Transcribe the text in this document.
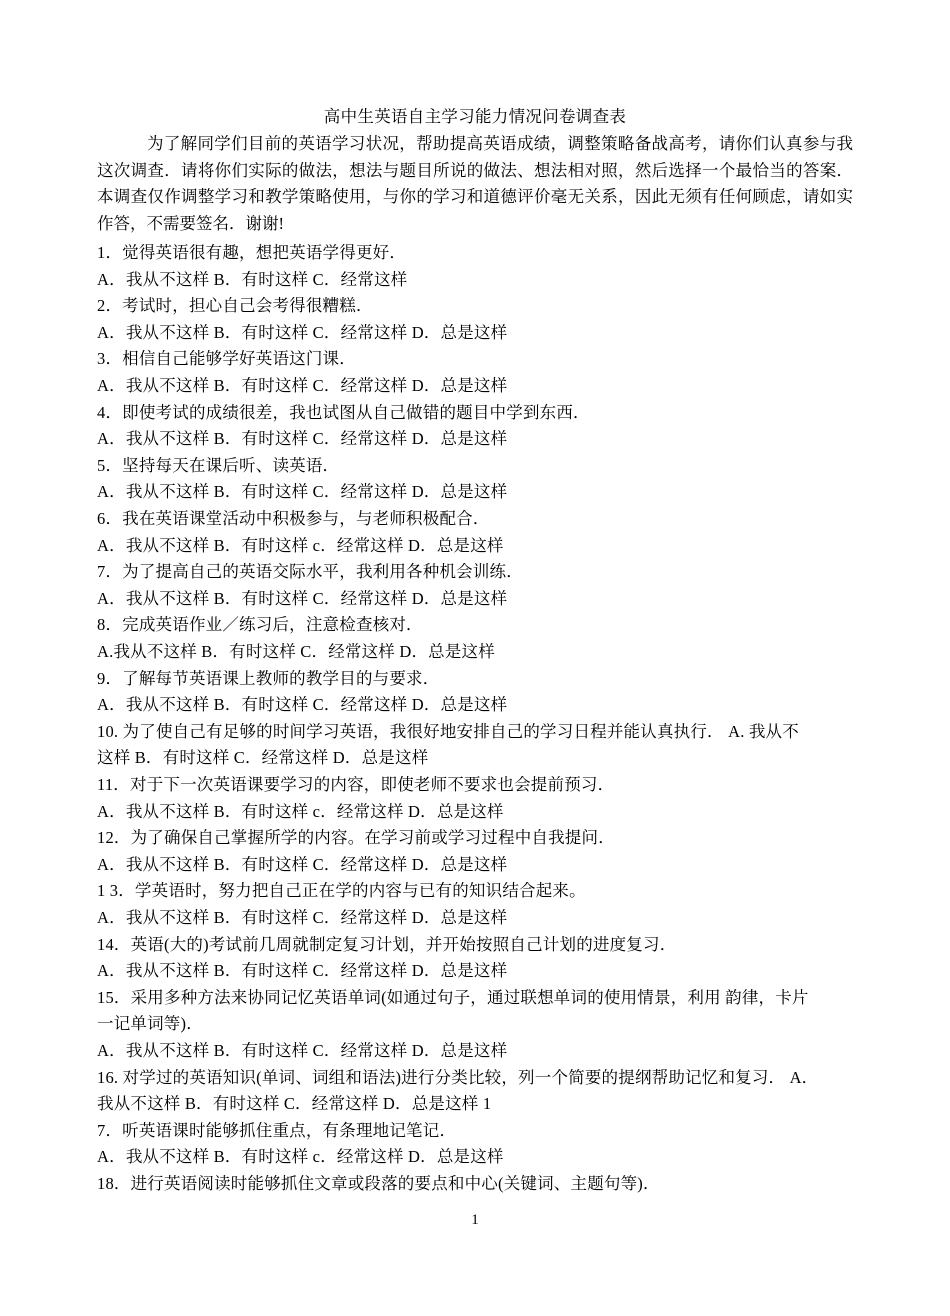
高中生英语自主学习能力情况问卷调查表
为了解同学们目前的英语学习状况，帮助提高英语成绩，调整策略备战高考，请你们认真参与我这次调查．请将你们实际的做法，想法与题目所说的做法、想法相对照，然后选择一个最恰当的答案．本调查仅作调整学习和教学策略使用，与你的学习和道德评价毫无关系，因此无须有任何顾虑，请如实作答，不需要签名．谢谢!
1．觉得英语很有趣，想把英语学得更好．
A．我从不这样 B．有时这样 C．经常这样
2．考试时，担心自己会考得很糟糕．
A．我从不这样 B．有时这样 C．经常这样 D．总是这样
3．相信自己能够学好英语这门课．
A．我从不这样 B．有时这样 C．经常这样 D．总是这样
4．即使考试的成绩很差，我也试图从自己做错的题目中学到东西．
A．我从不这样 B．有时这样 C．经常这样 D．总是这样
5．坚持每天在课后听、读英语．
A．我从不这样 B．有时这样 C．经常这样 D．总是这样
6．我在英语课堂活动中积极参与，与老师积极配合．
A．我从不这样 B．有时这样 c．经常这样 D．总是这样
7．为了提高自己的英语交际水平，我利用各种机会训练．
A．我从不这样 B．有时这样 C．经常这样 D．总是这样
8．完成英语作业／练习后，注意检查核对．
A.我从不这样 B．有时这样 C．经常这样 D．总是这样
9．了解每节英语课上教师的教学目的与要求．
A．我从不这样 B．有时这样 C．经常这样 D．总是这样
10. 为了使自己有足够的时间学习英语，我很好地安排自己的学习日程并能认真执行． A. 我从不
这样 B．有时这样 C．经常这样 D．总是这样
11．对于下一次英语课要学习的内容，即使老师不要求也会提前预习．
A．我从不这样 B．有时这样 c．经常这样 D．总是这样
12．为了确保自己掌握所学的内容。在学习前或学习过程中自我提问．
A．我从不这样 B．有时这样 C．经常这样 D．总是这样
1 3．学英语时，努力把自己正在学的内容与已有的知识结合起来。
A．我从不这样 B．有时这样 C．经常这样 D．总是这样
14．英语(大的)考试前几周就制定复习计划，并开始按照自己计划的进度复习．
A．我从不这样 B．有时这样 C．经常这样 D．总是这样
15．采用多种方法来协同记忆英语单词(如通过句子，通过联想单词的使用情景，利用 韵律，卡片
一记单词等)．
A．我从不这样 B．有时这样 C．经常这样 D．总是这样
16. 对学过的英语知识(单词、词组和语法)进行分类比较，列一个简要的提纲帮助记忆和复习． A．
我从不这样 B．有时这样 C．经常这样 D．总是这样 1
7．听英语课时能够抓住重点，有条理地记笔记．
A．我从不这样 B．有时这样 c．经常这样 D．总是这样
18．进行英语阅读时能够抓住文章或段落的要点和中心(关键词、主题句等)．
1
